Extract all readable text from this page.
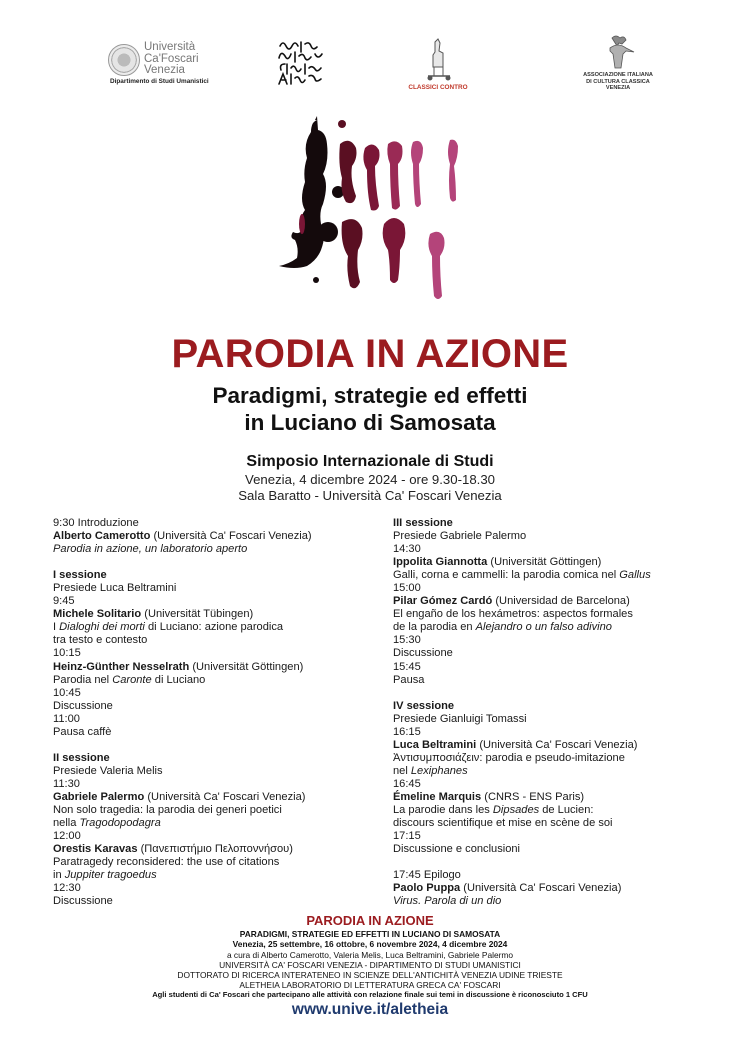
Università
Ca'Foscari
Venezia
Dipartimento di Studi Umanistici
CLASSICI CONTRO
ASSOCIAZIONE ITALIANA
DI CULTURA CLASSICA
VENEZIA
PARODIA IN AZIONE
Paradigmi, strategie ed effetti
in Luciano di Samosata
Simposio Internazionale di Studi
Venezia, 4 dicembre 2024 - ore 9.30-18.30
Sala Baratto - Università Ca' Foscari Venezia
9:30 Introduzione
Alberto Camerotto (Università Ca' Foscari Venezia)
Parodia in azione, un laboratorio aperto
I sessione
Presiede Luca Beltramini
9:45
Michele Solitario (Universität Tübingen)
I Dialoghi dei morti di Luciano: azione parodica
tra testo e contesto
10:15
Heinz-Günther Nesselrath (Universität Göttingen)
Parodia nel Caronte di Luciano
10:45
Discussione
11:00
Pausa caffè
II sessione
Presiede Valeria Melis
11:30
Gabriele Palermo (Università Ca' Foscari Venezia)
Non solo tragedia: la parodia dei generi poetici
nella Tragodopodagra
12:00
Orestis Karavas (Πανεπιστήμιο Πελοποννήσου)
Paratragedy reconsidered: the use of citations
in Juppiter tragoedus
12:30
Discussione
III sessione
Presiede Gabriele Palermo
14:30
Ippolita Giannotta (Universität Göttingen)
Galli, corna e cammelli: la parodia comica nel Gallus
15:00
Pilar Gómez Cardó (Universidad de Barcelona)
El engaño de los hexámetros: aspectos formales
de la parodia en Alejandro o un falso adivino
15:30
Discussione
15:45
Pausa
IV sessione
Presiede Gianluigi Tomassi
16:15
Luca Beltramini (Università Ca' Foscari Venezia)
Ἀντισυμποσιάζειν: parodia e pseudo-imitazione
nel Lexiphanes
16:45
Émeline Marquis (CNRS - ENS Paris)
La parodie dans les Dipsades de Lucien:
discours scientifique et mise en scène de soi
17:15
Discussione e conclusioni
17:45 Epilogo
Paolo Puppa (Università Ca' Foscari Venezia)
Virus. Parola di un dio
PARODIA IN AZIONE
PARADIGMI, STRATEGIE ED EFFETTI IN LUCIANO DI SAMOSATA
Venezia, 25 settembre, 16 ottobre, 6 novembre 2024, 4 dicembre 2024
a cura di Alberto Camerotto, Valeria Melis, Luca Beltramini, Gabriele Palermo
UNIVERSITÀ CA' FOSCARI VENEZIA - DIPARTIMENTO DI STUDI UMANISTICI
DOTTORATO DI RICERCA INTERATENEO IN SCIENZE DELL'ANTICHITÀ VENEZIA UDINE TRIESTE
ALETHEIA LABORATORIO DI LETTERATURA GRECA CA' FOSCARI
Agli studenti di Ca' Foscari che partecipano alle attività con relazione finale sui temi in discussione è riconosciuto 1 CFU
www.unive.it/aletheia
